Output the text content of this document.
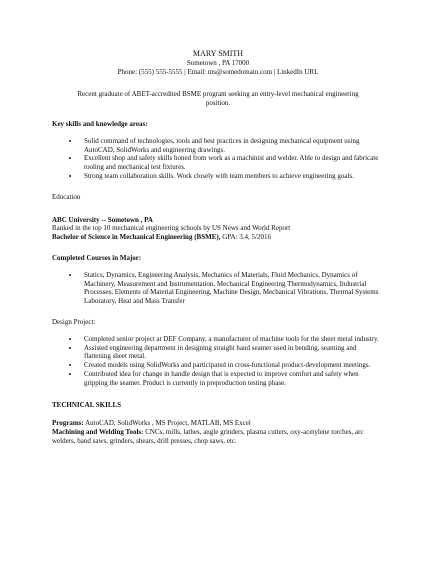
MARY SMITH
Sometown , PA 17000
Phone: (555) 555-5555 | Email: ms@somedomain.com | LinkedIn URL
Recent graduate of ABET-accredited BSME program seeking an entry-level mechanical engineering position.
Key skills and knowledge areas:
• Solid command of technologies, tools and best practices in designing mechanical equipment using AutoCAD, SolidWorks and engineering drawings.
• Excellent shop and safety skills honed from work as a machinist and welder. Able to design and fabricate tooling and mechanical test fixtures.
• Strong team collaboration skills. Work closely with team members to achieve engineering goals.
Education
ABC University -- Sometown , PA
Ranked in the top 10 mechanical engineering schools by US News and World Report
Bachelor of Science in Mechanical Engineering (BSME), GPA: 3.4, 5/2016
Completed Courses in Major:
• Statics, Dynamics, Engineering Analysis, Mechanics of Materials, Fluid Mechanics, Dynamics of Machinery, Measurement and Instrumentation, Mechanical Engineering Thermodynamics, Industrial Processes, Elements of Material Engineering, Machine Design, Mechanical Vibrations, Thermal Systems Laboratory, Heat and Mass Transfer
Design Project:
• Completed senior project at DEF Company, a manufacturer of machine tools for the sheet metal industry.
• Assisted engineering department in designing straight hand seamer used in bending, seaming and flattening sheet metal.
• Created models using SolidWorks and participated in cross-functional product-development meetings.
• Contributed idea for change in handle design that is expected to improve comfort and safety when gripping the seamer. Product is currently in preproduction testing phase.
TECHNICAL SKILLS
Programs: AutoCAD, SolidWorks , MS Project, MATLAB, MS Excel
Machining and Welding Tools: CNCs, mills, lathes, angle grinders, plasma cutters, oxy-acetylene torches, arc welders, band saws, grinders, shears, drill presses, chop saws, etc.
